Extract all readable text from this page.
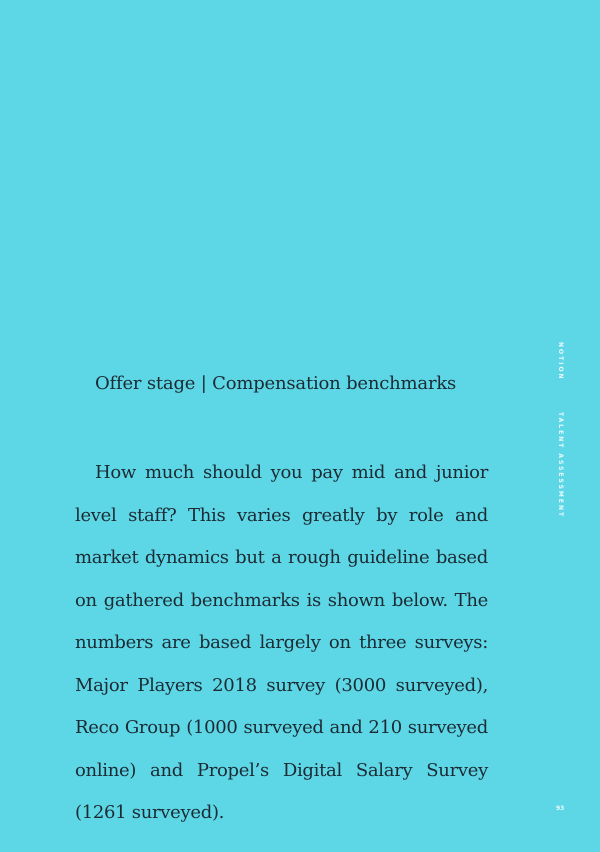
Offer stage | Compensation benchmarks
How much should you pay mid and junior level staff? This varies greatly by role and market dynamics but a rough guideline based on gathered benchmarks is shown below. The numbers are based largely on three surveys: Major Players 2018 survey (3000 surveyed), Reco Group (1000 surveyed and 210 surveyed online) and Propel’s Digital Salary Survey (1261 surveyed).
NOTION
TALENT ASSESSMENT
93
